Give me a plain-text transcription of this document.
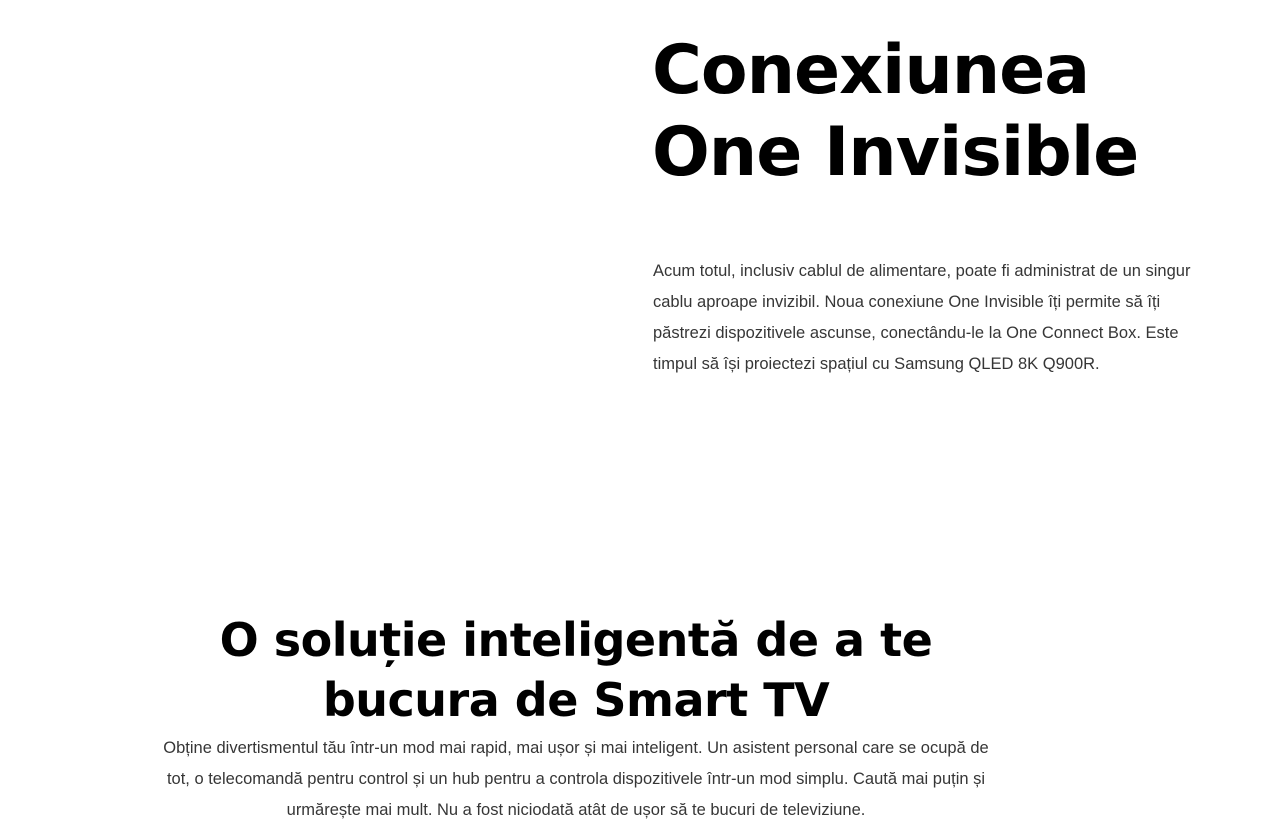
Conexiunea
One Invisible

Acum totul, inclusiv cablul de alimentare, poate fi administrat de un singur cablu aproape invizibil. Noua conexiune One Invisible îți permite să îți păstrezi dispozitivele ascunse, conectându-le la One Connect Box. Este timpul să își proiectezi spațiul cu Samsung QLED 8K Q900R.

O soluție inteligentă de a te
bucura de Smart TV

Obține divertismentul tău într-un mod mai rapid, mai ușor și mai inteligent. Un asistent personal care se ocupă de
tot, o telecomandă pentru control și un hub pentru a controla dispozitivele într-un mod simplu. Caută mai puțin și
urmărește mai mult. Nu a fost niciodată atât de ușor să te bucuri de televiziune.
